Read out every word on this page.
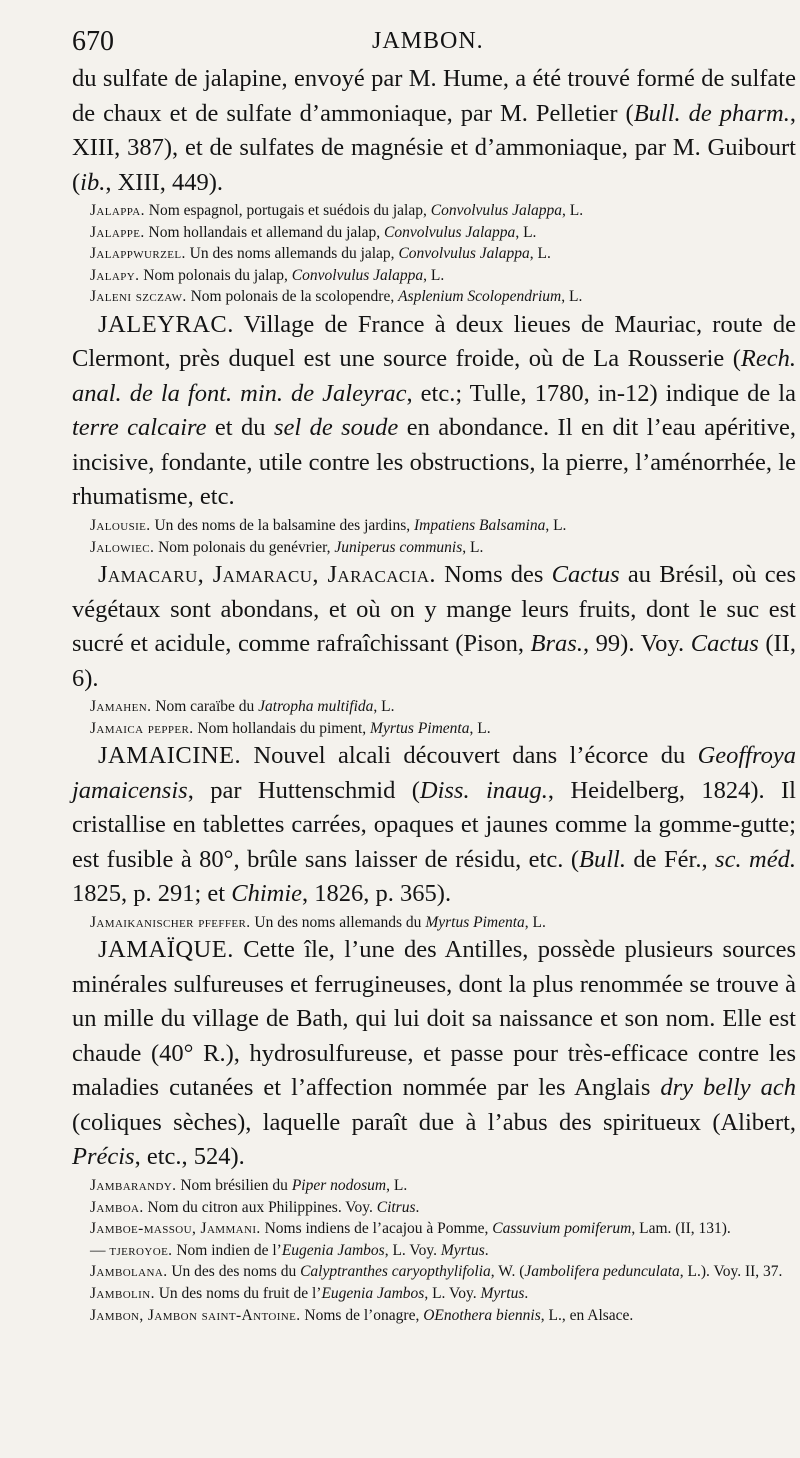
670	JAMBON.

du sulfate de jalapine, envoyé par M. Hume, a été trouvé formé de sulfate de chaux et de sulfate d’ammoniaque, par M. Pelletier (Bull. de pharm., XIII, 387), et de sulfates de magnésie et d’ammoniaque, par M. Guibourt (ib., XIII, 449).

Jalappa. Nom espagnol, portugais et suédois du jalap, Convolvulus Jalappa, L.

Jalappe. Nom hollandais et allemand du jalap, Convolvulus Jalappa, L.

Jalappwurzel. Un des noms allemands du jalap, Convolvulus Jalappa, L.

Jalapy. Nom polonais du jalap, Convolvulus Jalappa, L.

Jaleni szczaw. Nom polonais de la scolopendre, Asplenium Scolopendrium, L.

JALEYRAC. Village de France à deux lieues de Mauriac, route de Clermont, près duquel est une source froide, où de La Rousserie (Rech. anal. de la font. min. de Jaleyrac, etc.; Tulle, 1780, in-12) indique de la terre calcaire et du sel de soude en abondance. Il en dit l’eau apéritive, incisive, fondante, utile contre les obstructions, la pierre, l’aménorrhée, le rhumatisme, etc.

Jalousie. Un des noms de la balsamine des jardins, Impatiens Balsamina, L.

Jalowiec. Nom polonais du genévrier, Juniperus communis, L.

Jamacaru, Jamaracu, Jaracacia. Noms des Cactus au Brésil, où ces végétaux sont abondans, et où on y mange leurs fruits, dont le suc est sucré et acidule, comme rafraîchissant (Pison, Bras., 99). Voy. Cactus (II, 6).

Jamahen. Nom caraïbe du Jatropha multifida, L.

Jamaica pepper. Nom hollandais du piment, Myrtus Pimenta, L.

JAMAICINE. Nouvel alcali découvert dans l’écorce du Geoffroya jamaicensis, par Huttenschmid (Diss. inaug., Heidelberg, 1824). Il cristallise en tablettes carrées, opaques et jaunes comme la gomme-gutte; est fusible à 80°, brûle sans laisser de résidu, etc. (Bull. de Fér., sc. méd. 1825, p. 291; et Chimie, 1826, p. 365).

Jamaikanischer pfeffer. Un des noms allemands du Myrtus Pimenta, L.

JAMAÏQUE. Cette île, l’une des Antilles, possède plusieurs sources minérales sulfureuses et ferrugineuses, dont la plus renommée se trouve à un mille du village de Bath, qui lui doit sa naissance et son nom. Elle est chaude (40° R.), hydrosulfureuse, et passe pour très-efficace contre les maladies cutanées et l’affection nommée par les Anglais dry belly ach (coliques sèches), laquelle paraît due à l’abus des spiritueux (Alibert, Précis, etc., 524).

Jambarandy. Nom brésilien du Piper nodosum, L.

Jamboa. Nom du citron aux Philippines. Voy. Citrus.

Jamboe-massou, Jammani. Noms indiens de l’acajou à Pomme, Cassuvium pomiferum, Lam. (II, 131).

— tjeroyoe. Nom indien de l’Eugenia Jambos, L. Voy. Myrtus.

Jambolana. Un des des noms du Calyptranthes caryopthylifolia, W. (Jambolifera pedunculata, L.). Voy. II, 37.

Jambolin. Un des noms du fruit de l’Eugenia Jambos, L. Voy. Myrtus.

Jambon, Jambon saint-Antoine. Noms de l’onagre, OEnothera biennis, L., en Alsace.
